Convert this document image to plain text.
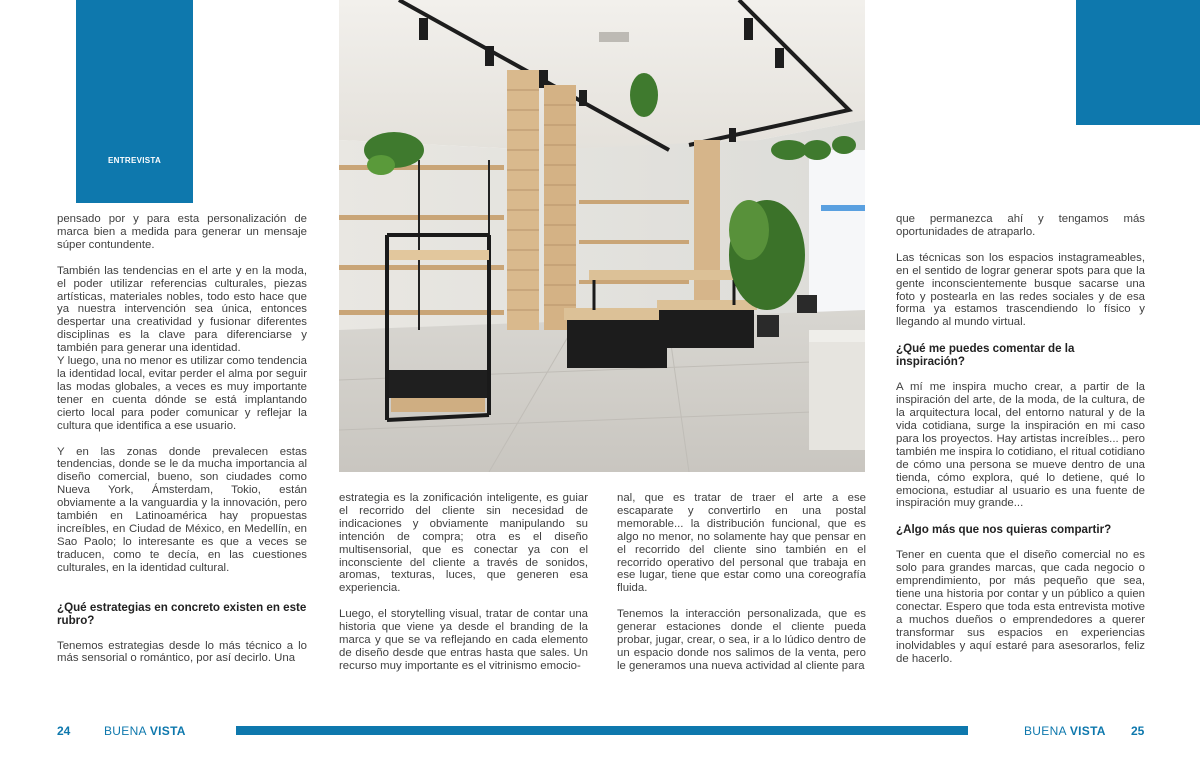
ENTREVISTA

pensado por y para esta personalización de marca bien a medida para generar un mensaje súper contundente.

También las tendencias en el arte y en la moda, el poder utilizar referencias culturales, piezas artísticas, materiales nobles, todo esto hace que ya nuestra intervención sea única, entonces despertar una creatividad y fusionar diferentes disciplinas es la clave para diferenciarse y también para generar una identidad.

Y luego, una no menor es utilizar como tendencia la identidad local, evitar perder el alma por seguir las modas globales, a veces es muy importante tener en cuenta dónde se está implantando cierto local para poder comunicar y reflejar la cultura que identifica a ese usuario.

Y en las zonas donde prevalecen estas tendencias, donde se le da mucha importancia al diseño comercial, bueno, son ciudades como Nueva York, Ámsterdam, Tokio, están obviamente a la vanguardia y la innovación, pero también en Latinoamérica hay propuestas increíbles, en Ciudad de México, en Medellín, en Sao Paolo; lo interesante es que a veces se traducen, como te decía, en las cuestiones culturales, en la identidad cultural.

¿Qué estrategias en concreto existen en este rubro?

Tenemos estrategias desde lo más técnico a lo más sensorial o romántico, por así decirlo. Una

estrategia es la zonificación inteligente, es guiar el recorrido del cliente sin necesidad de indicaciones y obviamente manipulando su intención de compra; otra es el diseño multisensorial, que es conectar ya con el inconsciente del cliente a través de sonidos, aromas, texturas, luces, que generen esa experiencia.

Luego, el storytelling visual, tratar de contar una historia que viene ya desde el branding de la marca y que se va reflejando en cada elemento de diseño desde que entras hasta que sales. Un recurso muy importante es el vitrinismo emocio-

nal, que es tratar de traer el arte a ese escaparate y convertirlo en una postal memorable... la distribución funcional, que es algo no menor, no solamente hay que pensar en el recorrido del cliente sino también en el recorrido operativo del personal que trabaja en ese lugar, tiene que estar como una coreografía fluida.

Tenemos la interacción personalizada, que es generar estaciones donde el cliente pueda probar, jugar, crear, o sea, ir a lo lúdico dentro de un espacio donde nos salimos de la venta, pero le generamos una nueva actividad al cliente para

que permanezca ahí y tengamos más oportunidades de atraparlo.

Las técnicas son los espacios instagrameables, en el sentido de lograr generar spots para que la gente inconscientemente busque sacarse una foto y postearla en las redes sociales y de esa forma ya estamos trascendiendo lo físico y llegando al mundo virtual.

¿Qué me puedes comentar de la inspiración?

A mí me inspira mucho crear, a partir de la inspiración del arte, de la moda, de la cultura, de la arquitectura local, del entorno natural y de la vida cotidiana, surge la inspiración en mi caso para los proyectos. Hay artistas increíbles... pero también me inspira lo cotidiano, el ritual cotidiano de cómo una persona se mueve dentro de una tienda, cómo explora, qué lo detiene, qué lo emociona, estudiar al usuario es una fuente de inspiración muy grande...

¿Algo más que nos quieras compartir?

Tener en cuenta que el diseño comercial no es solo para grandes marcas, que cada negocio o emprendimiento, por más pequeño que sea, tiene una historia por contar y un público a quien conectar. Espero que toda esta entrevista motive a muchos dueños o emprendedores a querer transformar sus espacios en experiencias inolvidables y aquí estaré para asesorarlos, feliz de hacerlo.

24	BUENA VISTA	BUENA VISTA 25
